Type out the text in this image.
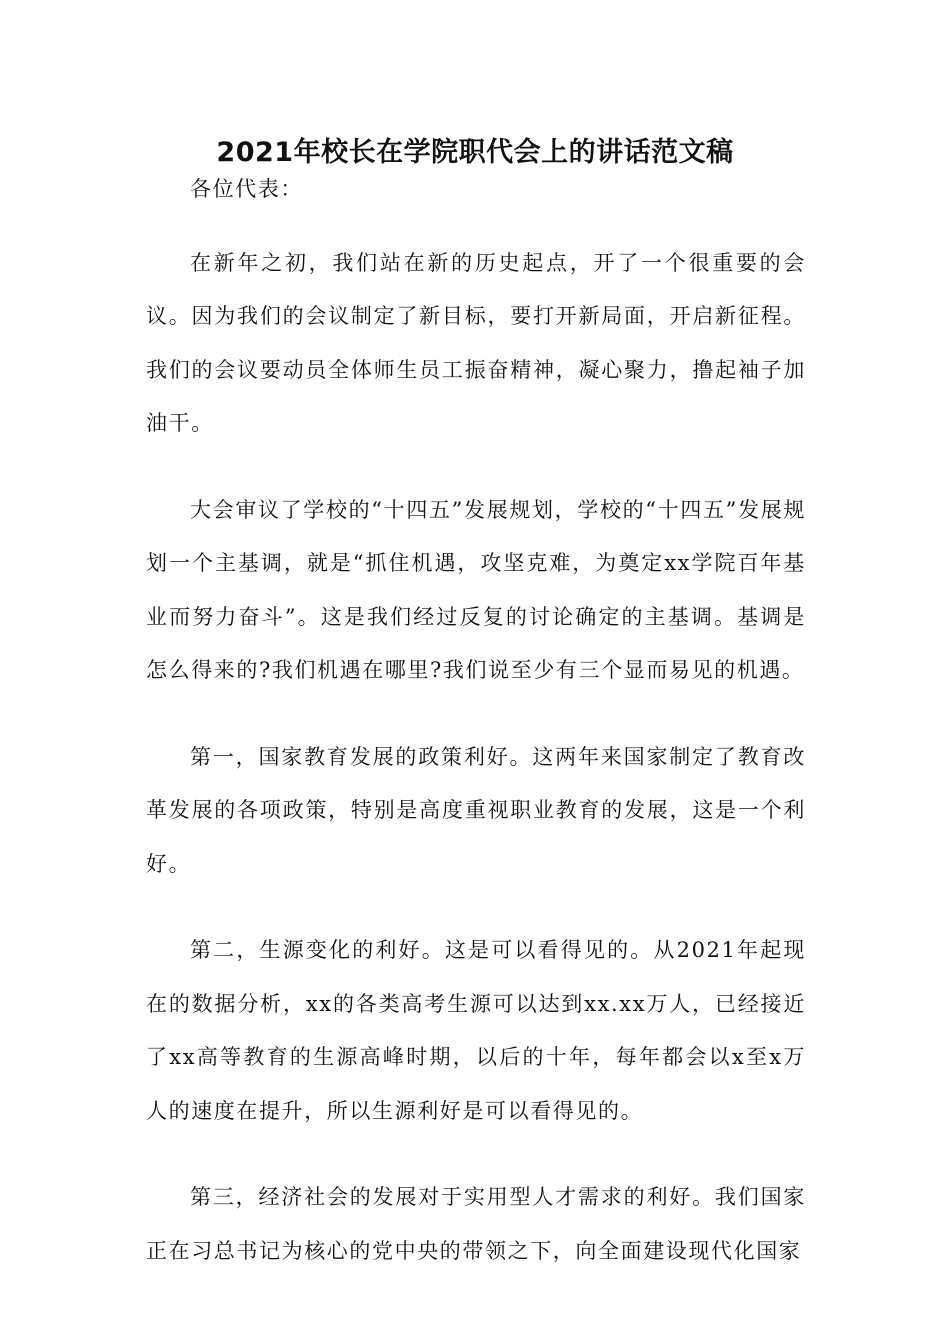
2021年校长在学院职代会上的讲话范文稿

各位代表：

在新年之初，我们站在新的历史起点，开了一个很重要的会议。因为我们的会议制定了新目标，要打开新局面，开启新征程。我们的会议要动员全体师生员工振奋精神，凝心聚力，撸起袖子加油干。

大会审议了学校的“十四五”发展规划，学校的“十四五”发展规划一个主基调，就是“抓住机遇，攻坚克难，为奠定xx学院百年基业而努力奋斗”。这是我们经过反复的讨论确定的主基调。基调是怎么得来的?我们机遇在哪里?我们说至少有三个显而易见的机遇。

第一，国家教育发展的政策利好。这两年来国家制定了教育改革发展的各项政策，特别是高度重视职业教育的发展，这是一个利好。

第二，生源变化的利好。这是可以看得见的。从2021年起现在的数据分析，xx的各类高考生源可以达到xx.xx万人，已经接近了xx高等教育的生源高峰时期，以后的十年，每年都会以x至x万人的速度在提升，所以生源利好是可以看得见的。

第三，经济社会的发展对于实用型人才需求的利好。我们国家正在习总书记为核心的党中央的带领之下，向全面建设现代化国家
